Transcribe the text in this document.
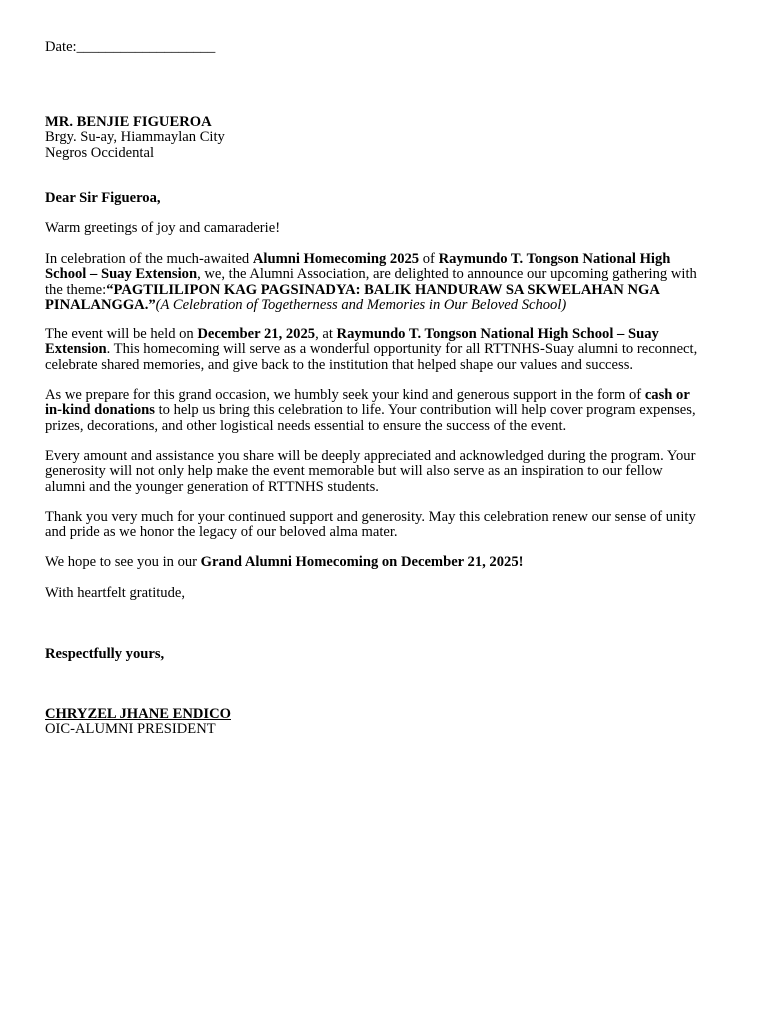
Date:___________________
MR. BENJIE FIGUEROA
Brgy. Su-ay, Hiammaylan City
Negros Occidental
Dear Sir Figueroa,
Warm greetings of joy and camaraderie!
In celebration of the much-awaited Alumni Homecoming 2025 of Raymundo T. Tongson National High
School – Suay Extension, we, the Alumni Association, are delighted to announce our upcoming gathering with
the theme:“PAGTILILIPON KAG PAGSINADYA: BALIK HANDURAW SA SKWELAHAN NGA
PINALANGGA.”(A Celebration of Togetherness and Memories in Our Beloved School)
The event will be held on December 21, 2025, at Raymundo T. Tongson National High School – Suay
Extension. This homecoming will serve as a wonderful opportunity for all RTTNHS-Suay alumni to reconnect,
celebrate shared memories, and give back to the institution that helped shape our values and success.
As we prepare for this grand occasion, we humbly seek your kind and generous support in the form of cash or
in-kind donations to help us bring this celebration to life. Your contribution will help cover program expenses,
prizes, decorations, and other logistical needs essential to ensure the success of the event.
Every amount and assistance you share will be deeply appreciated and acknowledged during the program. Your
generosity will not only help make the event memorable but will also serve as an inspiration to our fellow
alumni and the younger generation of RTTNHS students.
Thank you very much for your continued support and generosity. May this celebration renew our sense of unity
and pride as we honor the legacy of our beloved alma mater.
We hope to see you in our Grand Alumni Homecoming on December 21, 2025!
With heartfelt gratitude,
Respectfully yours,
CHRYZEL JHANE ENDICO
OIC-ALUMNI PRESIDENT
